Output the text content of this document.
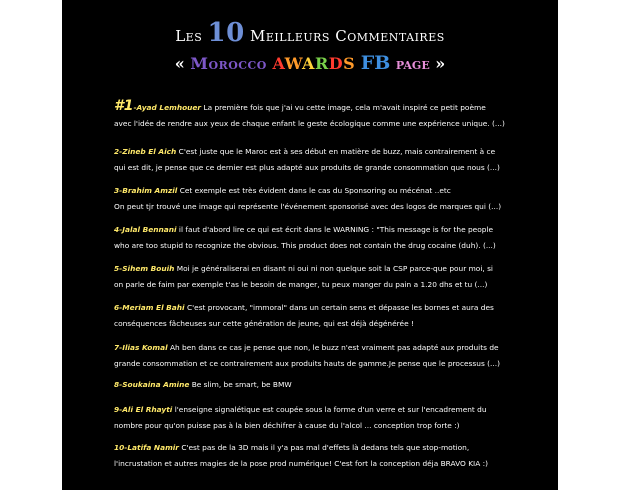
Les 10 Meilleurs Commentaires
« Morocco AWARDS FB page »
#1-Ayad Lemhouer La première fois que j'ai vu cette image, cela m'avait inspiré ce petit poème
avec l'idée de rendre aux yeux de chaque enfant le geste écologique comme une expérience unique. (...)
2-Zineb El Aich C'est juste que le Maroc est à ses début en matière de buzz, mais contrairement à ce
qui est dit, je pense que ce dernier est plus adapté aux produits de grande consommation que nous (...)
3-Brahim Amzil Cet exemple est très évident dans le cas du Sponsoring ou mécénat ..etc
On peut tjr trouvé une image qui représente l'événement sponsorisé avec des logos de marques qui (...)
4-Jalal Bennani il faut d'abord lire ce qui est écrit dans le WARNING : "This message is for the people
who are too stupid to recognize the obvious. This product does not contain the drug cocaine (duh). (...)
5-Sihem Bouih Moi je généraliserai en disant ni oui ni non quelque soit la CSP parce-que pour moi, si
on parle de faim par exemple t'as le besoin de manger, tu peux manger du pain a 1.20 dhs et tu (...)
6-Meriam El Bahi C'est provocant, "immoral" dans un certain sens et dépasse les bornes et aura des
conséquences fâcheuses sur cette génération de jeune, qui est déjà dégénérée !
7-Ilias Komal Ah ben dans ce cas je pense que non, le buzz n'est vraiment pas adapté aux produits de
grande consommation et ce contrairement aux produits hauts de gamme.Je pense que le processus (...)
8-Soukaina Amine Be slim, be smart, be BMW
9-Ali El Rhayti l'enseigne signalétique est coupée sous la forme d'un verre et sur l'encadrement du
nombre pour qu'on puisse pas à la bien déchifrer à cause du l'alcol ... conception trop forte :)
10-Latifa Namir C'est pas de la 3D mais il y'a pas mal d'effets là dedans tels que stop-motion,
l'incrustation et autres magies de la pose prod numérique! C'est fort la conception déja BRAVO KIA :)
